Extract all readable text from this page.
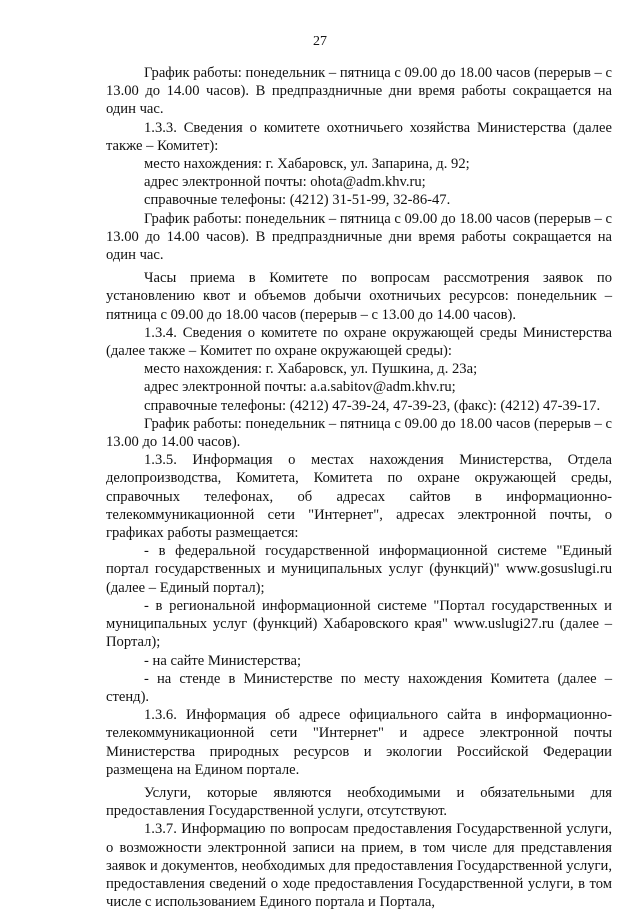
27

График работы: понедельник – пятница с 09.00 до 18.00 часов (перерыв – с 13.00 до 14.00 часов). В предпраздничные дни время работы сокращается на один час.

1.3.3. Сведения о комитете охотничьего хозяйства Министерства (далее также – Комитет):

место нахождения: г. Хабаровск, ул. Запарина, д. 92;

адрес электронной почты: ohota@adm.khv.ru;

справочные телефоны: (4212) 31-51-99, 32-86-47.

График работы: понедельник – пятница с 09.00 до 18.00 часов (перерыв – с 13.00 до 14.00 часов). В предпраздничные дни время работы сокращается на один час.

Часы приема в Комитете по вопросам рассмотрения заявок по установлению квот и объемов добычи охотничьих ресурсов: понедельник – пятница с 09.00 до 18.00 часов (перерыв – с 13.00 до 14.00 часов).

1.3.4. Сведения о комитете по охране окружающей среды Министерства (далее также – Комитет по охране окружающей среды):

место нахождения: г. Хабаровск, ул. Пушкина, д. 23а;

адрес электронной почты: a.a.sabitov@adm.khv.ru;

справочные телефоны: (4212) 47-39-24, 47-39-23, (факс): (4212) 47-39-17.

График работы: понедельник – пятница с 09.00 до 18.00 часов (перерыв – с 13.00 до 14.00 часов).

1.3.5. Информация о местах нахождения Министерства, Отдела делопроизводства, Комитета, Комитета по охране окружающей среды, справочных телефонах, об адресах сайтов в информационно-телекоммуникационной сети "Интернет", адресах электронной почты, о графиках работы размещается:

- в федеральной государственной информационной системе "Единый портал государственных и муниципальных услуг (функций)" www.gosuslugi.ru (далее – Единый портал);

- в региональной информационной системе "Портал государственных и муниципальных услуг (функций) Хабаровского края" www.uslugi27.ru (далее – Портал);

- на сайте Министерства;

- на стенде в Министерстве по месту нахождения Комитета (далее – стенд).

1.3.6. Информация об адресе официального сайта в информационно-телекоммуникационной сети "Интернет" и адресе электронной почты Министерства природных ресурсов и экологии Российской Федерации размещена на Едином портале.

Услуги, которые являются необходимыми и обязательными для предоставления Государственной услуги, отсутствуют.

1.3.7. Информацию по вопросам предоставления Государственной услуги, о возможности электронной записи на прием, в том числе для представления заявок и документов, необходимых для предоставления Государственной услуги, предоставления сведений о ходе предоставления Государственной услуги, в том числе с использованием Единого портала и Портала,
